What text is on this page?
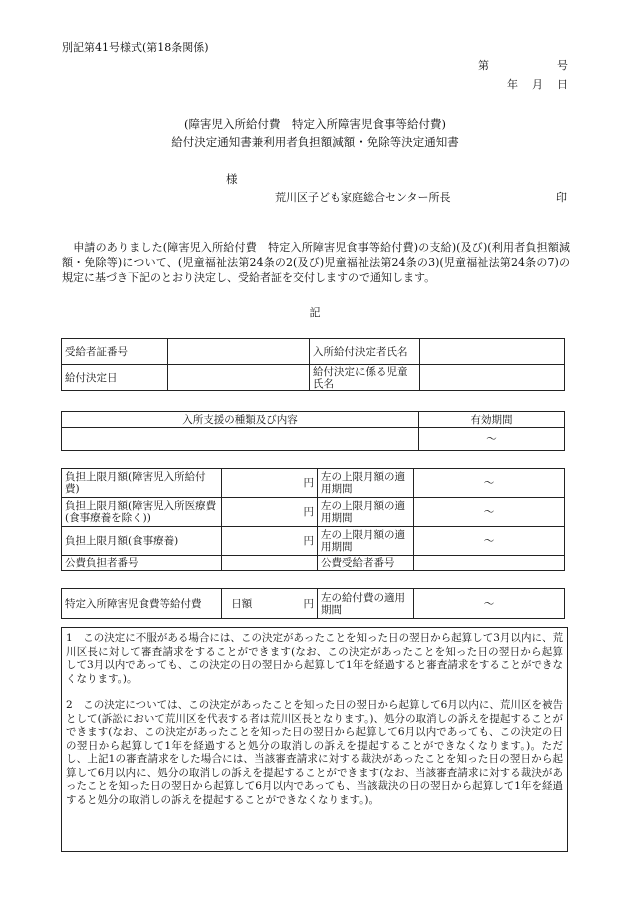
別記第41号様式(第18条関係)
第	号
年 月 日
(障害児入所給付費　特定入所障害児食事等給付費)
給付決定通知書兼利用者負担額減額・免除等決定通知書
様
荒川区子ども家庭総合センター所長	印
　申請のありました(障害児入所給付費　特定入所障害児食事等給付費)の支給)(及び)(利用者負担額減額・免除等)について、(児童福祉法第24条の2(及び)児童福祉法第24条の3)(児童福祉法第24条の7)の規定に基づき下記のとおり決定し、受給者証を交付しますので通知します。
記
受給者証番号		入所給付決定者氏名	
給付決定日		給付決定に係る児童氏名	
入所支援の種類及び内容	有効期間
	～
負担上限月額(障害児入所給付費)	円	左の上限月額の適用期間	～
負担上限月額(障害児入所医療費(食事療養を除く))	円	左の上限月額の適用期間	～
負担上限月額(食事療養)	円	左の上限月額の適用期間	～
公費負担者番号		公費受給者番号	
特定入所障害児食費等給付費	日額	円	左の給付費の適用期間	～

1　この決定に不服がある場合には、この決定があったことを知った日の翌日から起算して3月以内に、荒川区長に対して審査請求をすることができます(なお、この決定があったことを知った日の翌日から起算して3月以内であっても、この決定の日の翌日から起算して1年を経過すると審査請求をすることができなくなります。)。

2　この決定については、この決定があったことを知った日の翌日から起算して6月以内に、荒川区を被告として(訴訟において荒川区を代表する者は荒川区長となります。)、処分の取消しの訴えを提起することができます(なお、この決定があったことを知った日の翌日から起算して6月以内であっても、この決定の日の翌日から起算して1年を経過すると処分の取消しの訴えを提起することができなくなります。)。ただし、上記1の審査請求をした場合には、当該審査請求に対する裁決があったことを知った日の翌日から起算して6月以内に、処分の取消しの訴えを提起することができます(なお、当該審査請求に対する裁決があったことを知った日の翌日から起算して6月以内であっても、当該裁決の日の翌日から起算して1年を経過すると処分の取消しの訴えを提起することができなくなります。)。
